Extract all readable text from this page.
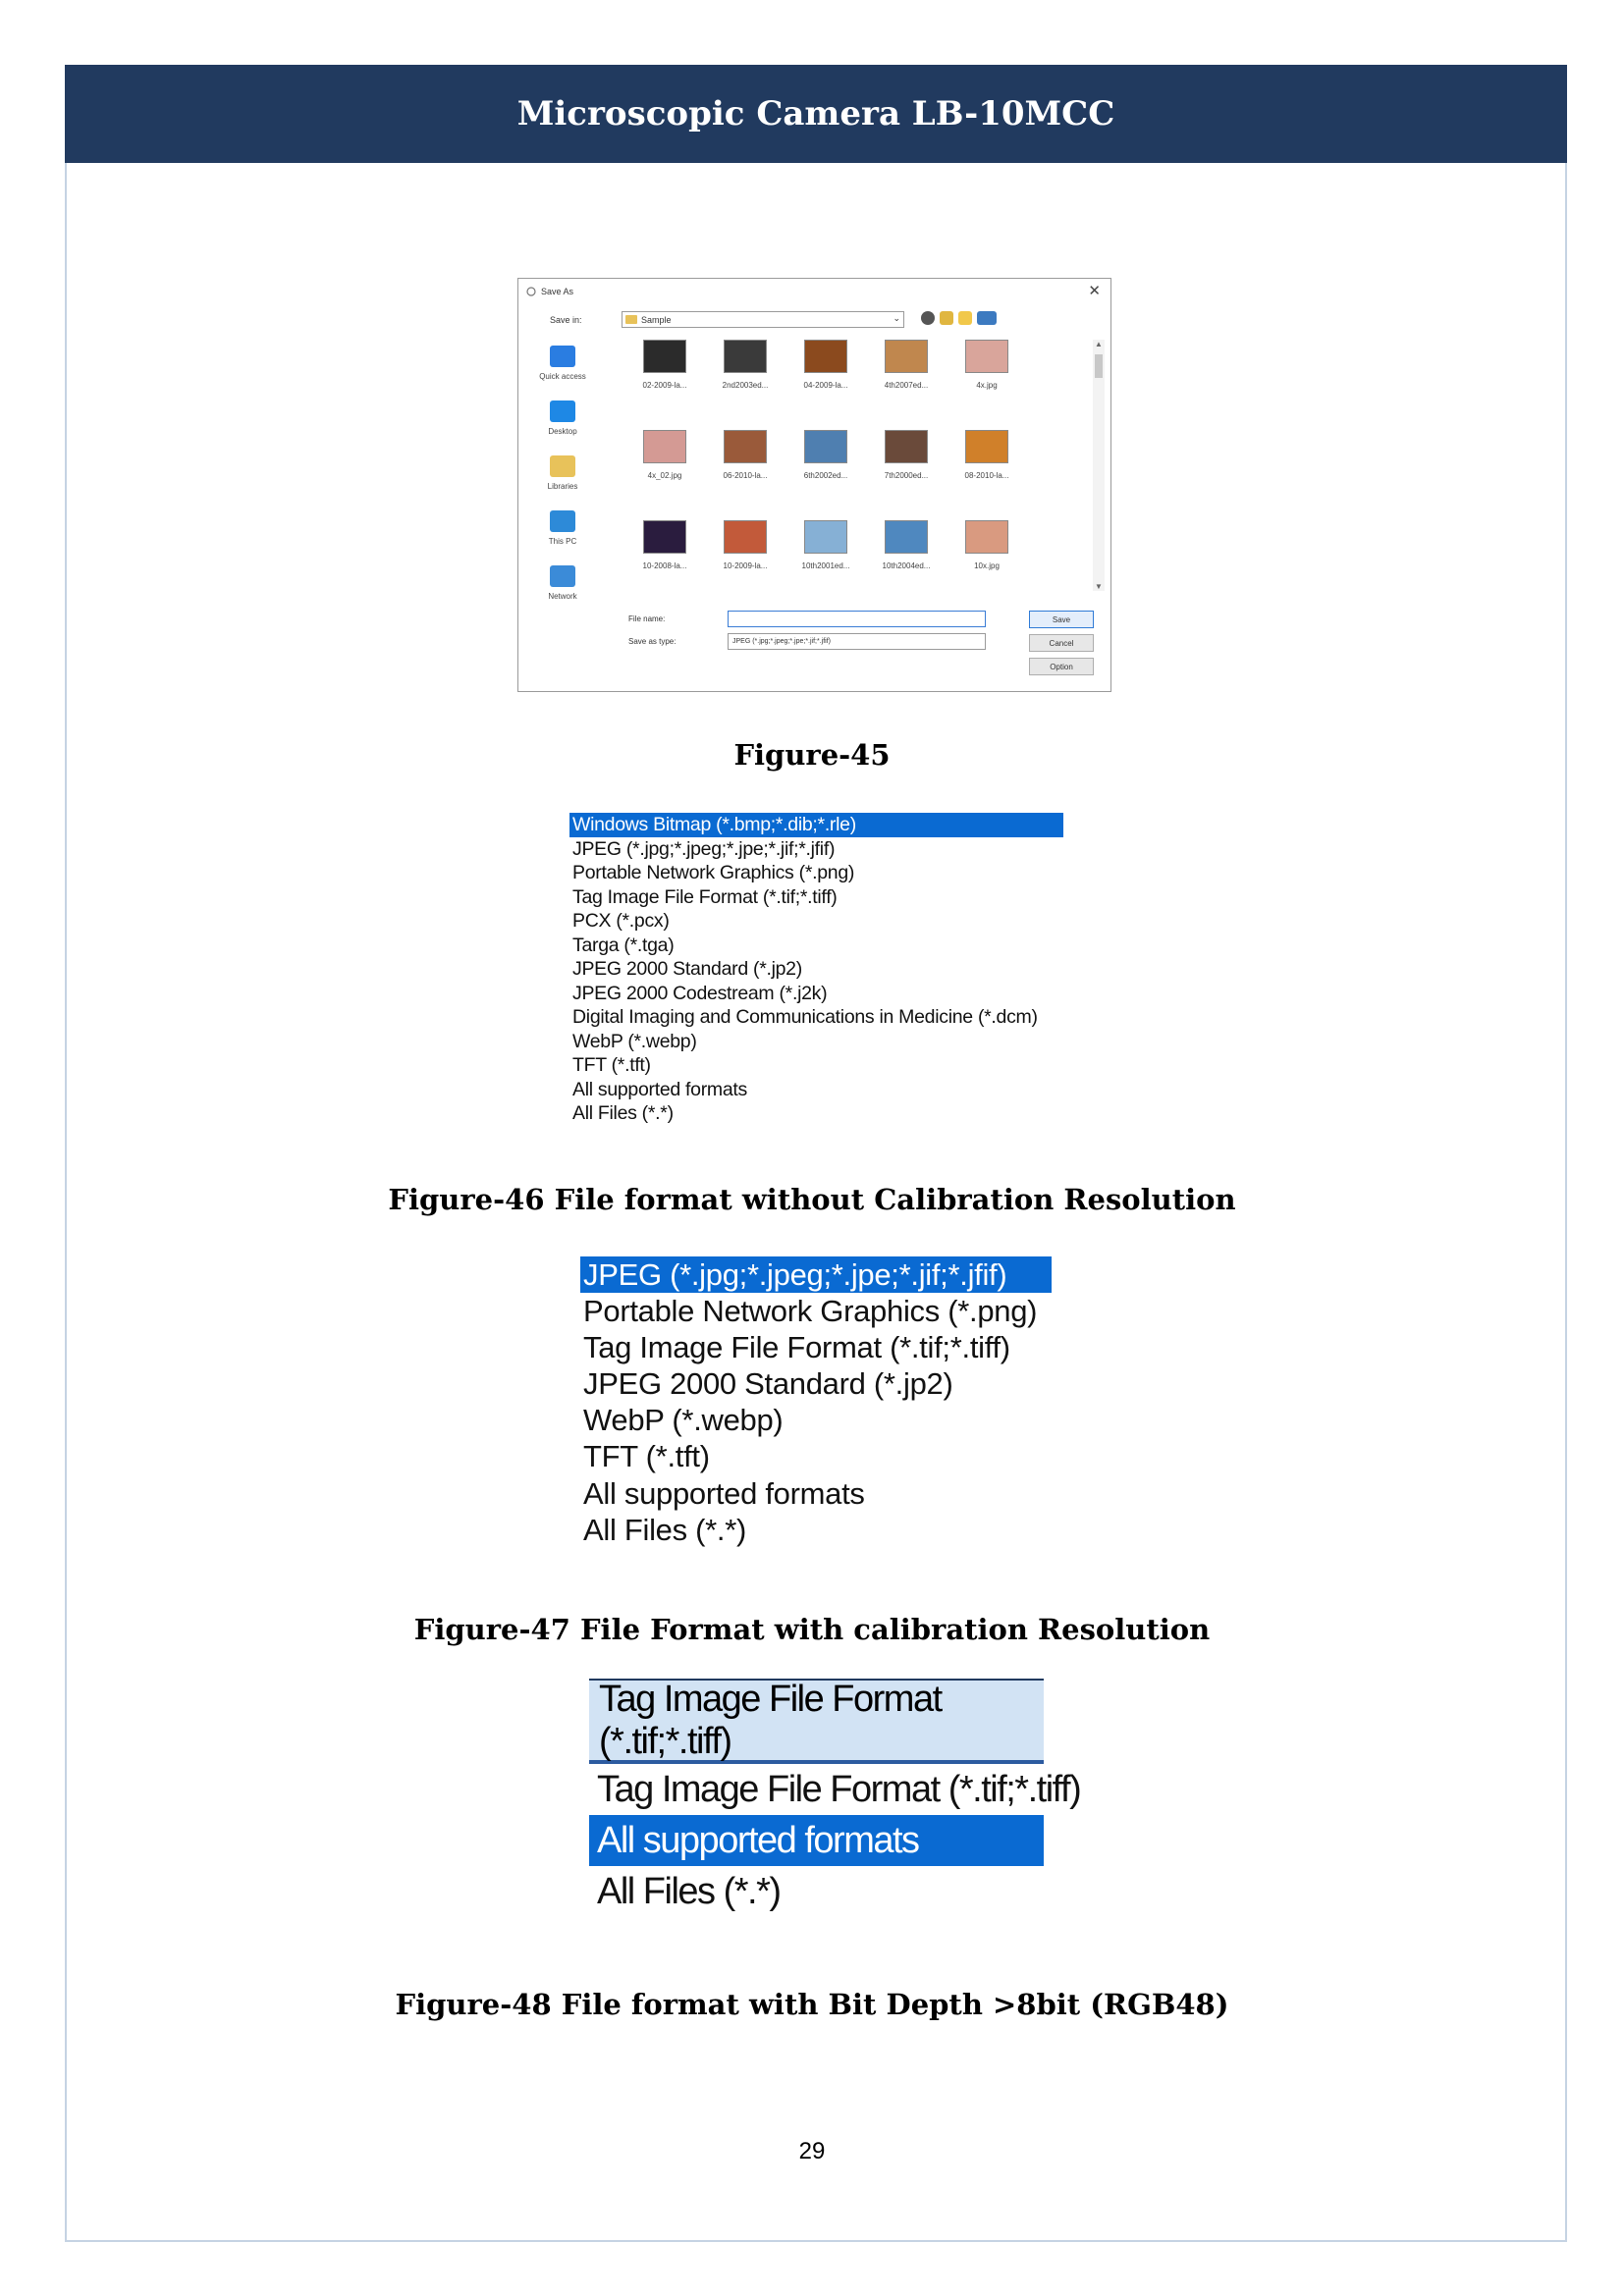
Microscopic Camera LB-10MCC
Save As	✕
Save in:	Sample	⌄
Quick access
Desktop
Libraries
This PC
Network
02-2009-la...	2nd2003ed...	04-2009-la...	4th2007ed...	4x.jpg
4x_02.jpg	06-2010-la...	6th2002ed...	7th2000ed...	08-2010-la...
10-2008-la...	10-2009-la...	10th2001ed...	10th2004ed...	10x.jpg
▲
▼
File name:
Save as type:	JPEG (*.jpg;*.jpeg;*.jpe;*.jif;*.jfif)
Save
Cancel
Option
Figure-45
Windows Bitmap (*.bmp;*.dib;*.rle)
JPEG (*.jpg;*.jpeg;*.jpe;*.jif;*.jfif)
Portable Network Graphics (*.png)
Tag Image File Format (*.tif;*.tiff)
PCX (*.pcx)
Targa (*.tga)
JPEG 2000 Standard (*.jp2)
JPEG 2000 Codestream (*.j2k)
Digital Imaging and Communications in Medicine (*.dcm)
WebP (*.webp)
TFT (*.tft)
All supported formats
All Files (*.*)
Figure-46 File format without Calibration Resolution
JPEG (*.jpg;*.jpeg;*.jpe;*.jif;*.jfif)
Portable Network Graphics (*.png)
Tag Image File Format (*.tif;*.tiff)
JPEG 2000 Standard (*.jp2)
WebP (*.webp)
TFT (*.tft)
All supported formats
All Files (*.*)
Figure-47 File Format with calibration Resolution
Tag Image File Format (*.tif;*.tiff)
Tag Image File Format (*.tif;*.tiff)
All supported formats
All Files (*.*)
Figure-48 File format with Bit Depth >8bit (RGB48)
29
